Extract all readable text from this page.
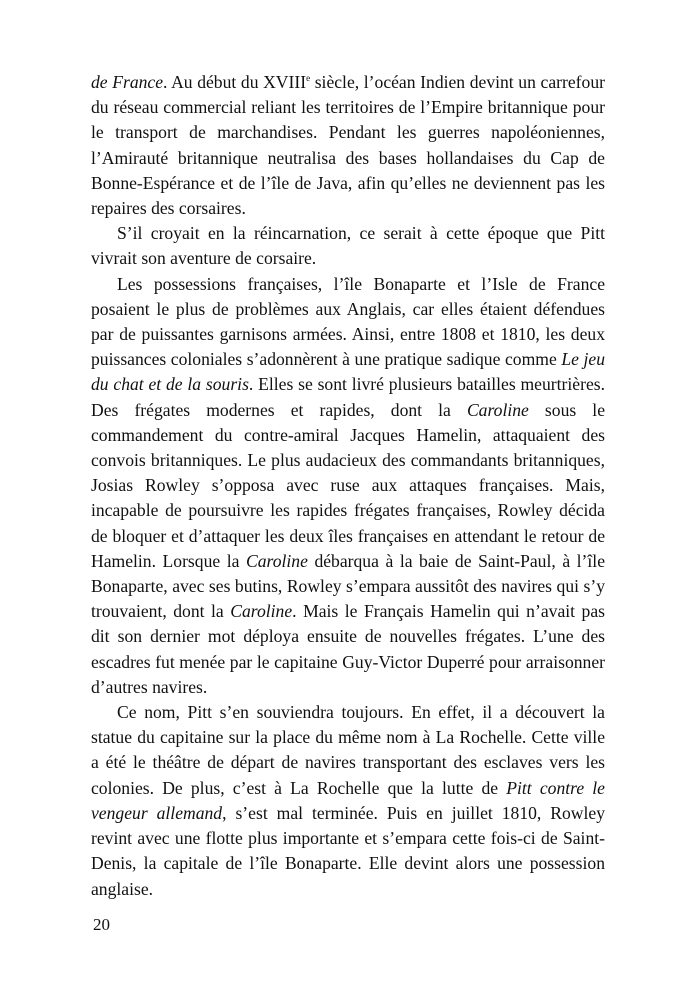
de France. Au début du XVIIIe siècle, l’océan Indien devint un carrefour du réseau commercial reliant les territoires de l’Empire britannique pour le transport de marchandises. Pendant les guerres napoléoniennes, l’Amirauté britannique neutralisa des bases hollandaises du Cap de Bonne-Espérance et de l’île de Java, afin qu’elles ne deviennent pas les repaires des corsaires.

S’il croyait en la réincarnation, ce serait à cette époque que Pitt vivrait son aventure de corsaire.

Les possessions françaises, l’île Bonaparte et l’Isle de France posaient le plus de problèmes aux Anglais, car elles étaient défendues par de puissantes garnisons armées. Ainsi, entre 1808 et 1810, les deux puissances coloniales s’adonnèrent à une pratique sadique comme Le jeu du chat et de la souris. Elles se sont livré plusieurs batailles meurtrières. Des frégates modernes et rapides, dont la Caroline sous le commandement du contre-amiral Jacques Hamelin, attaquaient des convois britanniques. Le plus audacieux des commandants britanniques, Josias Rowley s’opposa avec ruse aux attaques françaises. Mais, incapable de poursuivre les rapides frégates françaises, Rowley décida de bloquer et d’attaquer les deux îles françaises en attendant le retour de Hamelin. Lorsque la Caroline débarqua à la baie de Saint-Paul, à l’île Bonaparte, avec ses butins, Rowley s’empara aussitôt des navires qui s’y trouvaient, dont la Caroline. Mais le Français Hamelin qui n’avait pas dit son dernier mot déploya ensuite de nouvelles frégates. L’une des escadres fut menée par le capitaine Guy-Victor Duperré pour arraisonner d’autres navires.

Ce nom, Pitt s’en souviendra toujours. En effet, il a découvert la statue du capitaine sur la place du même nom à La Rochelle. Cette ville a été le théâtre de départ de navires transportant des esclaves vers les colonies. De plus, c’est à La Rochelle que la lutte de Pitt contre le vengeur allemand, s’est mal terminée. Puis en juillet 1810, Rowley revint avec une flotte plus importante et s’empara cette fois-ci de Saint-Denis, la capitale de l’île Bonaparte. Elle devint alors une possession anglaise.

20
